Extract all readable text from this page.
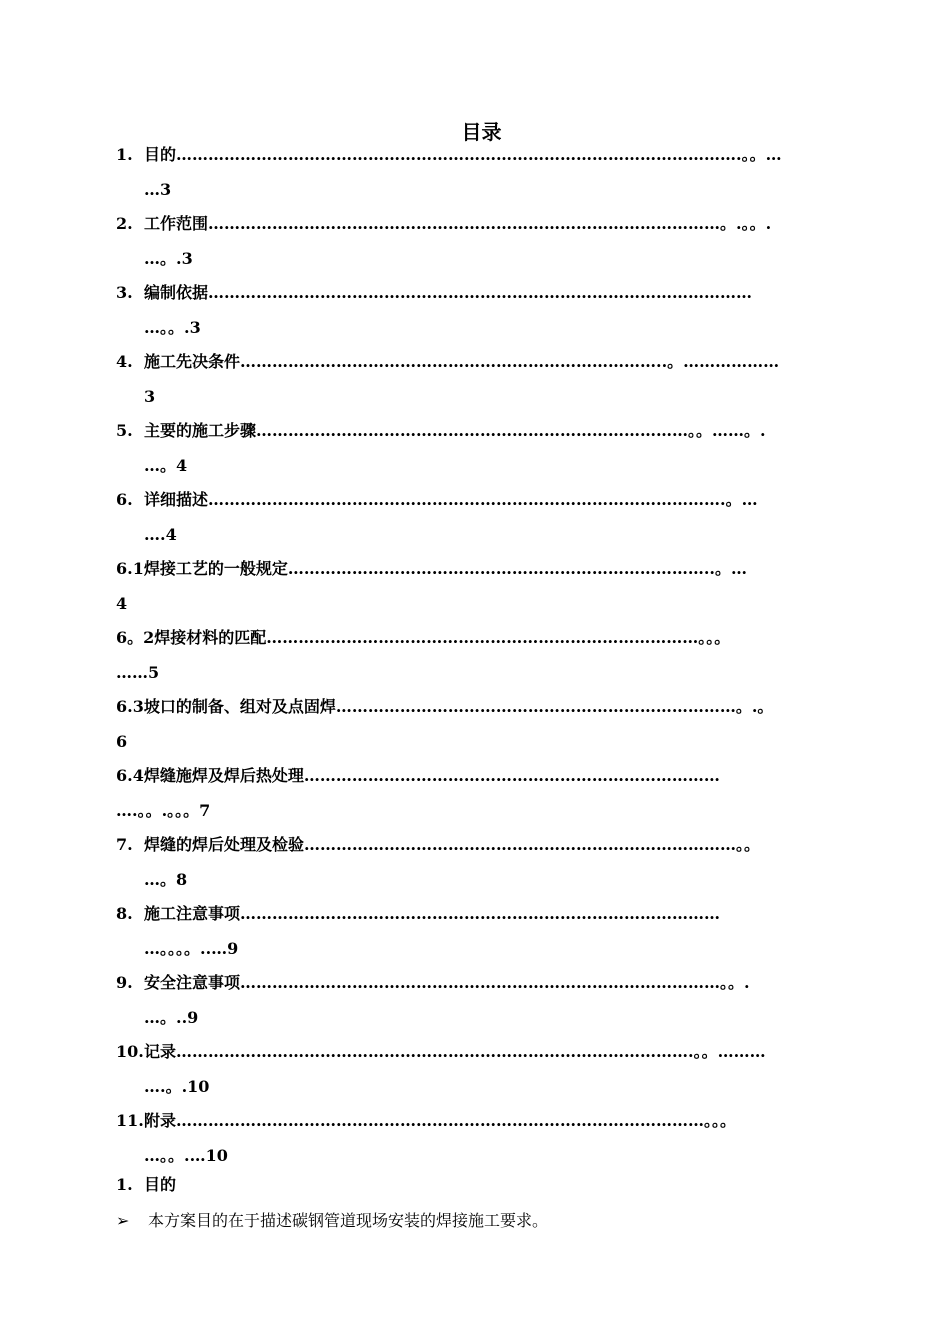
目录
1. 目的…………………………………………………………………………………………….。。…
…3
2. 工作范围……………………………………………………………………………………。.。。.
…。.3
3. 编制依据…………………………………………………………………………………………
…。。.3
4. 施工先决条件……………………………………………………………………..。………………
3
5. 主要的施工步骤………………………………………………………………………。。……。.
…。4
6. 详细描述…………………………………………………………………………………….。…
….4
6.1焊接工艺的一般规定……………………………………………………………………..。…
4
6。2焊接材料的匹配………………………………………………………………………。。。
……5
6.3坡口的制备、组对及点固焊…………………………………………………………………。.。
6
6.4焊缝施焊及焊后热处理……………………………………………………………………
….。。.。。。7
7. 焊缝的焊后处理及检验………………………………………………………………………。。
…。8
8. 施工注意事项………………………………………………………………………………
…。。。。..…9
9. 安全注意事项………………………………………………………………………………。。.
…。..9
10.记录…………………………………………………………………………………….。。………
….。.10
11.附录………………………………………………………………………………………。。。
…。。.…10
1. 目的
➢ 本方案目的在于描述碳钢管道现场安装的焊接施工要求。
